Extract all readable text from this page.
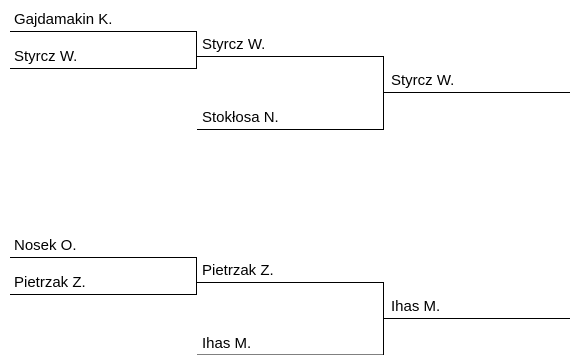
Gajdamakin K.
Styrcz W.
Styrcz W.
Stokłosa N.
Styrcz W.
Nosek O.
Pietrzak Z.
Pietrzak Z.
Ihas M.
Ihas M.
